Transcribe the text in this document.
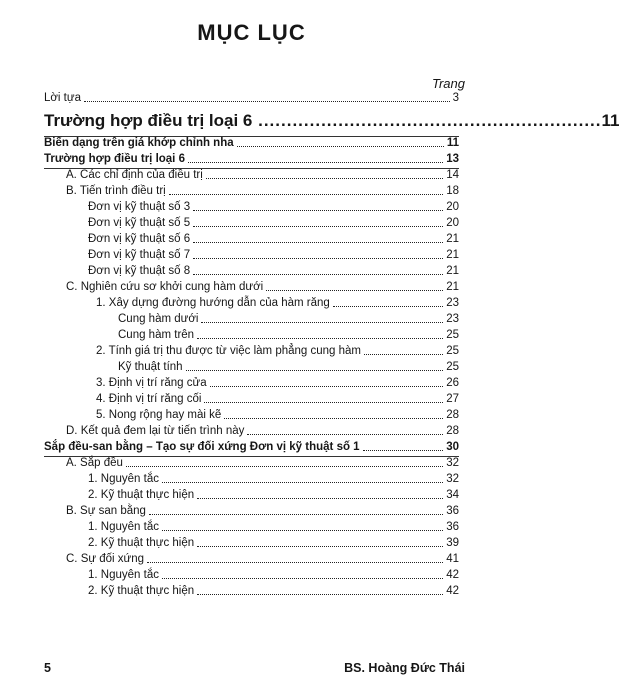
MỤC LỤC
Trang
Lời tựa	3
Trường hợp điều trị loại 6 ............................................................ 11
Biến dạng trên giá khớp chỉnh nha	11
Trường hợp điều trị loại 6	13
A. Các chỉ định của điều trị	14
B. Tiến trình điều trị	18
Đơn vị kỹ thuật số 3	20
Đơn vị kỹ thuật số 5	20
Đơn vị kỹ thuật số 6	21
Đơn vị kỹ thuật số 7	21
Đơn vị kỹ thuật số 8	21
C. Nghiên cứu sơ khởi cung hàm dưới	21
1. Xây dựng đường hướng dẫn của hàm răng	23
Cung hàm dưới	23
Cung hàm trên	25
2. Tính giá trị thu được từ việc làm phẳng cung hàm	25
Kỹ thuật tính	25
3. Định vị trí răng cửa	26
4. Định vị trí răng cối	27
5. Nong rộng hay mài kẽ	28
D. Kết quả đem lại từ tiến trình này	28
Sắp đều-san bằng – Tạo sự đối xứng Đơn vị kỹ thuật số 1	30
A. Sắp đều	32
1. Nguyên tắc	32
2. Kỹ thuật thực hiện	34
B. Sự san bằng	36
1. Nguyên tắc	36
2. Kỹ thuật thực hiện	39
C. Sự đối xứng	41
1. Nguyên tắc	42
2. Kỹ thuật thực hiện	42
5	BS. Hoàng Đức Thái
